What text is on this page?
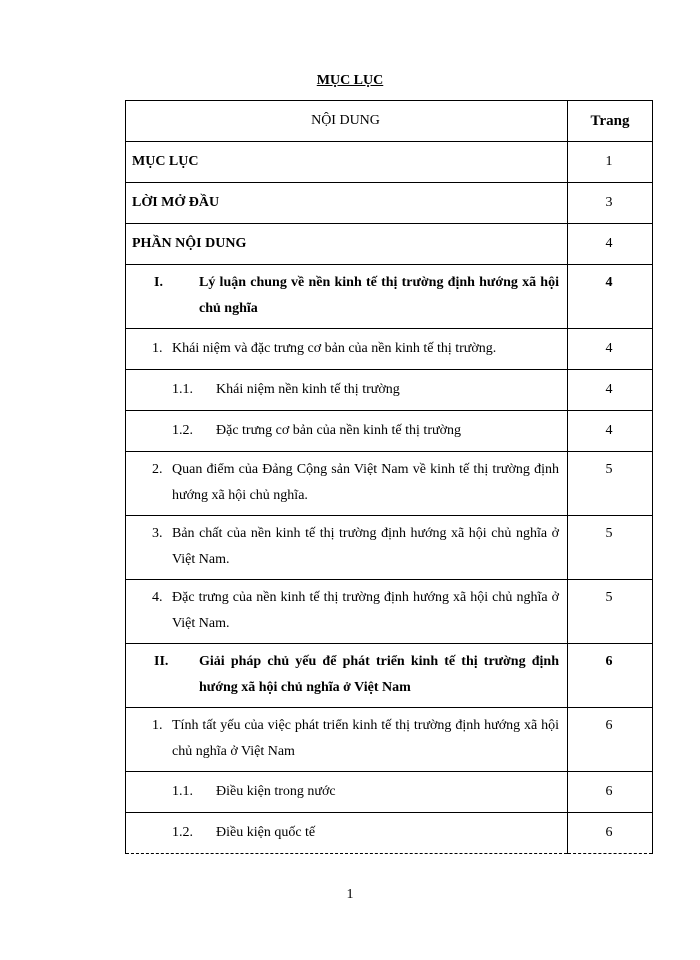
MỤC LỤC
NỘI DUNG	Trang

MỤC LỤC	1

LỜI MỞ ĐẦU	3

PHẦN NỘI DUNG	4

I. Lý luận chung về nền kinh tế thị trường định hướng xã hội chủ nghĩa	4

1. Khái niệm và đặc trưng cơ bản của nền kinh tế thị trường.	4

1.1. Khái niệm nền kinh tế thị trường	4

1.2. Đặc trưng cơ bản của nền kinh tế thị trường	4

2. Quan điểm của Đảng Cộng sản Việt Nam về kinh tế thị trường định hướng xã hội chủ nghĩa.	5

3. Bản chất của nền kinh tế thị trường định hướng xã hội chủ nghĩa ở Việt Nam.	5

4. Đặc trưng của nền kinh tế thị trường định hướng xã hội chủ nghĩa ở Việt Nam.	5

II. Giải pháp chủ yếu để phát triển kinh tế thị trường định hướng xã hội chủ nghĩa ở Việt Nam	6

1. Tính tất yếu của việc phát triển kinh tế thị trường định hướng xã hội chủ nghĩa ở Việt Nam	6

1.1. Điều kiện trong nước	6

1.2. Điều kiện quốc tế	6
1
